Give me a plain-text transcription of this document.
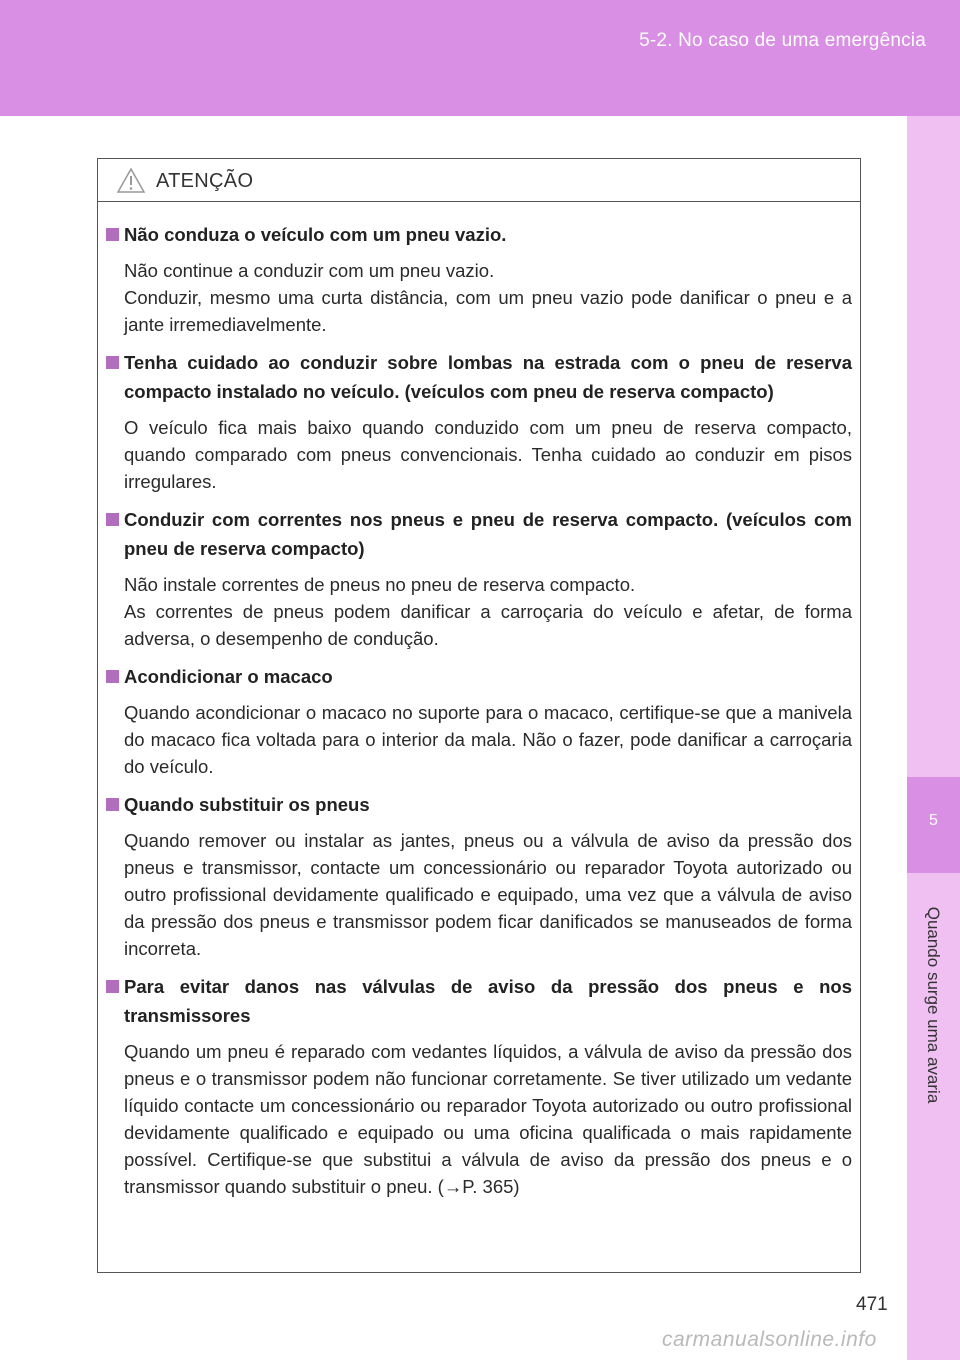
5-2. No caso de uma emergência
5
Quando surge uma avaria
ATENÇÃO
Não conduza o veículo com um pneu vazio.
Não continue a conduzir com um pneu vazio.
Conduzir, mesmo uma curta distância, com um pneu vazio pode danificar o pneu e a jante irremediavelmente.
Tenha cuidado ao conduzir sobre lombas na estrada com o pneu de reserva compacto instalado no veículo. (veículos com pneu de reserva compacto)
O veículo fica mais baixo quando conduzido com um pneu de reserva compacto, quando comparado com pneus convencionais. Tenha cuidado ao conduzir em pisos irregulares.
Conduzir com correntes nos pneus e pneu de reserva compacto. (veículos com pneu de reserva compacto)
Não instale correntes de pneus no pneu de reserva compacto.
As correntes de pneus podem danificar a carroçaria do veículo e afetar, de forma adversa, o desempenho de condução.
Acondicionar o macaco
Quando acondicionar o macaco no suporte para o macaco, certifique-se que a manivela do macaco fica voltada para o interior da mala. Não o fazer, pode danificar a carroçaria do veículo.
Quando substituir os pneus
Quando remover ou instalar as jantes, pneus ou a válvula de aviso da pressão dos pneus e transmissor, contacte um concessionário ou reparador Toyota autorizado ou outro profissional devidamente qualificado e equipado, uma vez que a válvula de aviso da pressão dos pneus e transmissor podem ficar danificados se manuseados de forma incorreta.
Para evitar danos nas válvulas de aviso da pressão dos pneus e nos transmissores
Quando um pneu é reparado com vedantes líquidos, a válvula de aviso da pressão dos pneus e o transmissor podem não funcionar corretamente. Se tiver utilizado um vedante líquido contacte um concessionário ou reparador Toyota autorizado ou outro profissional devidamente qualificado e equipado ou uma oficina qualificada o mais rapidamente possível. Certifique-se que substitui a válvula de aviso da pressão dos pneus e o transmissor quando substituir o pneu. (→P. 365)
471
carmanualsonline.info
